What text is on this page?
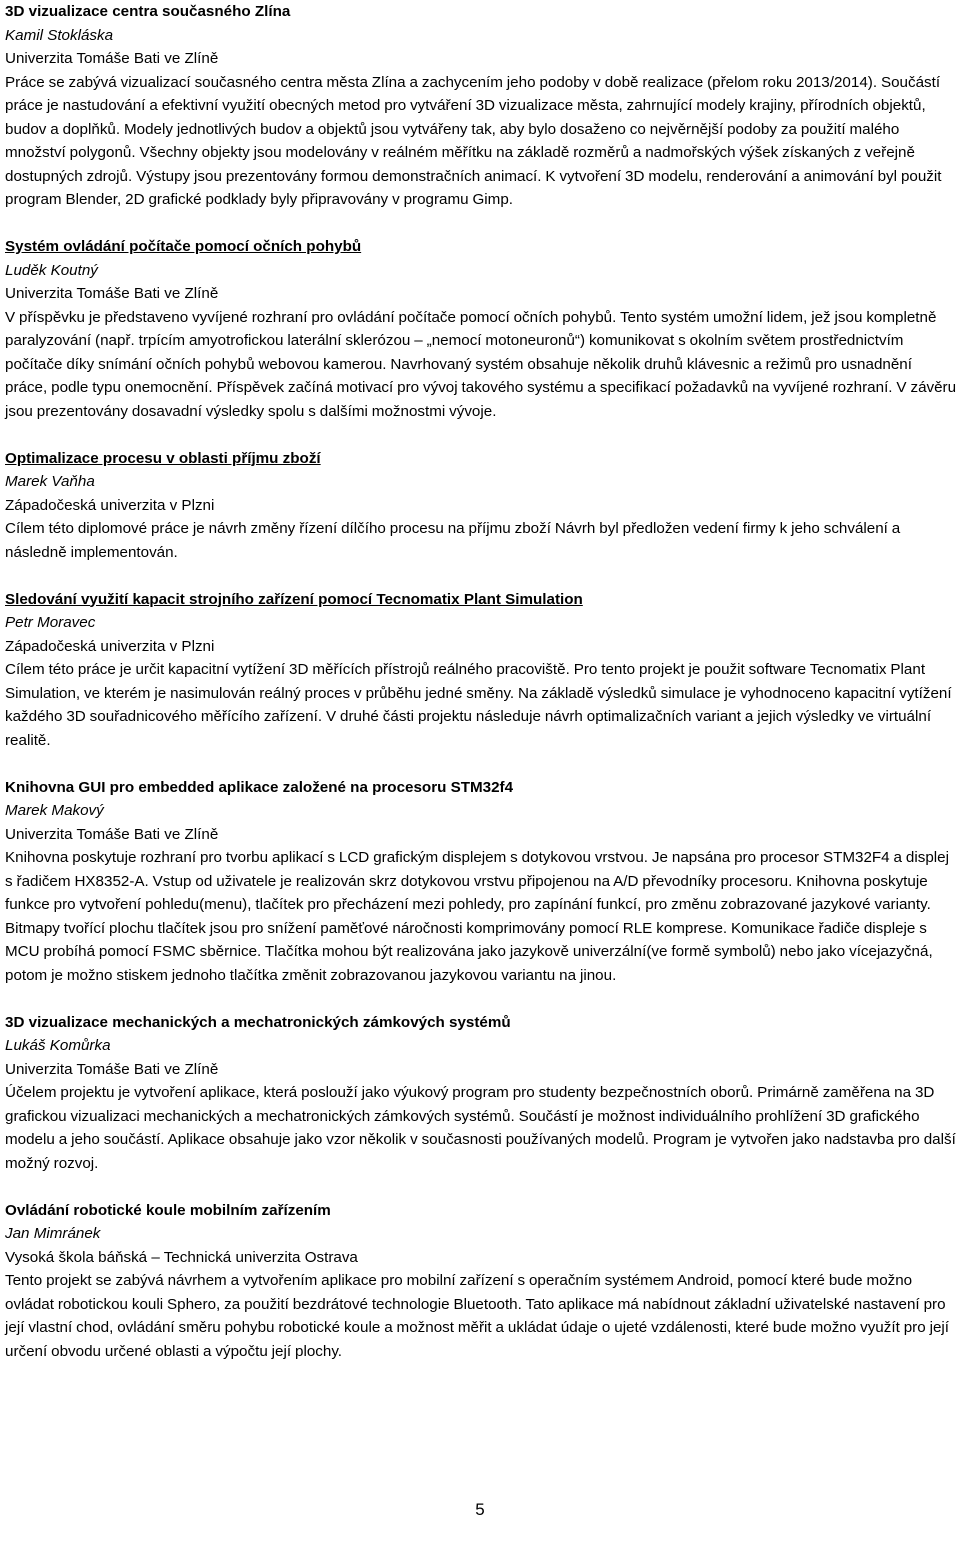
3D vizualizace centra současného Zlína
Kamil Stokláska
Univerzita Tomáše Bati ve Zlíně
Práce se zabývá vizualizací současného centra města Zlína a zachycením jeho podoby v době realizace (přelom roku 2013/2014). Součástí práce je nastudování a efektivní využití obecných metod pro vytváření 3D vizualizace města, zahrnující modely krajiny, přírodních objektů, budov a doplňků. Modely jednotlivých budov a objektů jsou vytvářeny tak, aby bylo dosaženo co nejvěrnější podoby za použití malého množství polygonů. Všechny objekty jsou modelovány v reálném měřítku na základě rozměrů a nadmořských výšek získaných z veřejně dostupných zdrojů. Výstupy jsou prezentovány formou demonstračních animací. K vytvoření 3D modelu, renderování a animování byl použit program Blender, 2D grafické podklady byly připravovány v programu Gimp.
Systém ovládání počítače pomocí očních pohybů
Luděk Koutný
Univerzita Tomáše Bati ve Zlíně
V příspěvku je představeno vyvíjené rozhraní pro ovládání počítače pomocí očních pohybů. Tento systém umožní lidem, jež jsou kompletně paralyzování (např. trpícím amyotrofickou laterální sklerózou – „nemocí motoneuronů“) komunikovat s okolním světem prostřednictvím počítače díky snímání očních pohybů webovou kamerou. Navrhovaný systém obsahuje několik druhů klávesnic a režimů pro usnadnění práce, podle typu onemocnění. Příspěvek začíná motivací pro vývoj takového systému a specifikací požadavků na vyvíjené rozhraní. V závěru jsou prezentovány dosavadní výsledky spolu s dalšími možnostmi vývoje.
Optimalizace procesu v oblasti příjmu zboží
Marek Vaňha
Západočeská univerzita v Plzni
Cílem této diplomové práce je návrh změny řízení dílčího procesu na příjmu zboží Návrh byl předložen vedení firmy k jeho schválení a následně implementován.
Sledování využití kapacit strojního zařízení pomocí Tecnomatix Plant Simulation
Petr Moravec
Západočeská univerzita v Plzni
Cílem této práce je určit kapacitní vytížení 3D měřících přístrojů reálného pracoviště. Pro tento projekt je použit software Tecnomatix Plant Simulation, ve kterém je nasimulován reálný proces v průběhu jedné směny. Na základě výsledků simulace je vyhodnoceno kapacitní vytížení každého 3D souřadnicového měřícího zařízení. V druhé části projektu následuje návrh optimalizačních variant a jejich výsledky ve virtuální realitě.
Knihovna GUI pro embedded aplikace založené na procesoru STM32f4
Marek Makový
Univerzita Tomáše Bati ve Zlíně
Knihovna poskytuje rozhraní pro tvorbu aplikací s LCD grafickým displejem s dotykovou vrstvou. Je napsána pro procesor STM32F4 a displej s řadičem HX8352-A. Vstup od uživatele je realizován skrz dotykovou vrstvu připojenou na A/D převodníky procesoru. Knihovna poskytuje funkce pro vytvoření pohledu(menu), tlačítek pro přecházení mezi pohledy, pro zapínání funkcí, pro změnu zobrazované jazykové varianty. Bitmapy tvořící plochu tlačítek jsou pro snížení paměťové náročnosti komprimovány pomocí RLE komprese. Komunikace řadiče displeje s MCU probíhá pomocí FSMC sběrnice. Tlačítka mohou být realizována jako jazykově univerzální(ve formě symbolů) nebo jako vícejazyčná, potom je možno stiskem jednoho tlačítka změnit zobrazovanou jazykovou variantu na jinou.
3D vizualizace mechanických a mechatronických zámkových systémů
Lukáš Komůrka
Univerzita Tomáše Bati ve Zlíně
Účelem projektu je vytvoření aplikace, která poslouží jako výukový program pro studenty bezpečnostních oborů. Primárně zaměřena na 3D grafickou vizualizaci mechanických a mechatronických zámkových systémů. Součástí je možnost individuálního prohlížení 3D grafického modelu a jeho součástí. Aplikace obsahuje jako vzor několik v současnosti používaných modelů. Program je vytvořen jako nadstavba pro další možný rozvoj.
Ovládání robotické koule mobilním zařízením
Jan Mimránek
Vysoká škola báňská – Technická univerzita Ostrava
Tento projekt se zabývá návrhem a vytvořením aplikace pro mobilní zařízení s operačním systémem Android, pomocí které bude možno ovládat robotickou kouli Sphero, za použití bezdrátové technologie Bluetooth. Tato aplikace má nabídnout základní uživatelské nastavení pro její vlastní chod, ovládání směru pohybu robotické koule a možnost měřit a ukládat údaje o ujeté vzdálenosti, které bude možno využít pro její určení obvodu určené oblasti a výpočtu její plochy.
5
